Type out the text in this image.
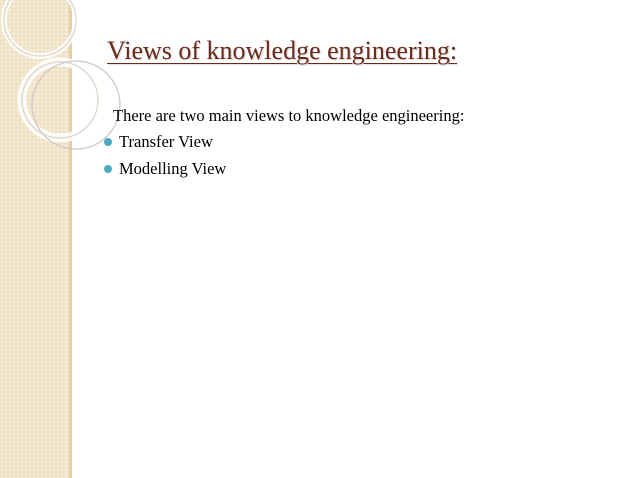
Views of knowledge engineering:

There are two main views to knowledge engineering:

Transfer View
Modelling View
